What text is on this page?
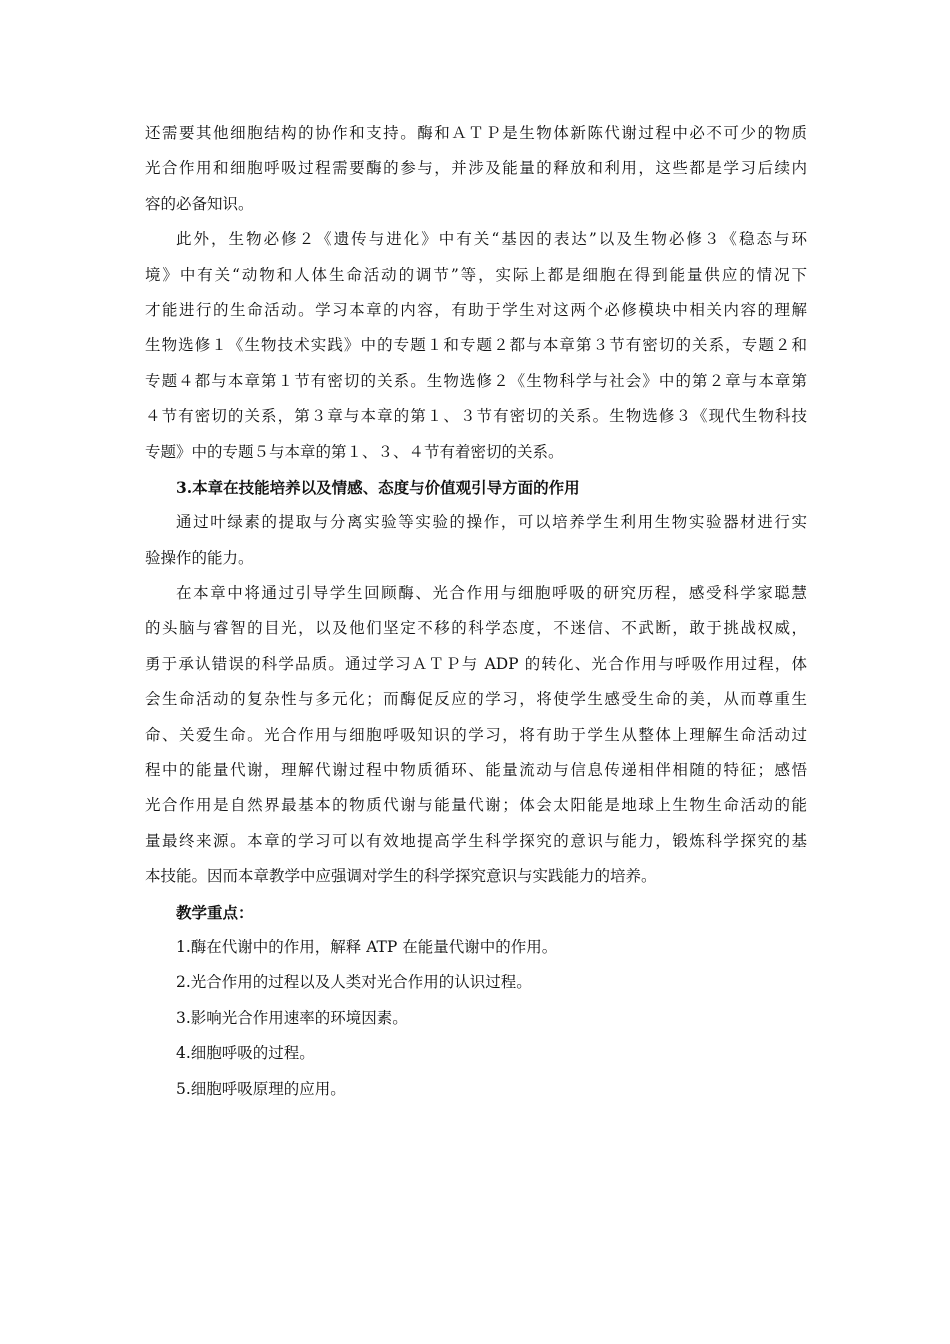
还需要其他细胞结构的协作和支持。酶和ＡＴＰ是生物体新陈代谢过程中必不可少的物质
光合作用和细胞呼吸过程需要酶的参与，并涉及能量的释放和利用，这些都是学习后续内
容的必备知识。
此外，生物必修２《遗传与进化》中有关“基因的表达”以及生物必修３《稳态与环
境》中有关“动物和人体生命活动的调节”等，实际上都是细胞在得到能量供应的情况下
才能进行的生命活动。学习本章的内容，有助于学生对这两个必修模块中相关内容的理解
生物选修１《生物技术实践》中的专题１和专题２都与本章第３节有密切的关系，专题２和
专题４都与本章第１节有密切的关系。生物选修２《生物科学与社会》中的第２章与本章第
４节有密切的关系，第３章与本章的第１、３节有密切的关系。生物选修３《现代生物科技
专题》中的专题５与本章的第１、３、４节有着密切的关系。
3.本章在技能培养以及情感、态度与价值观引导方面的作用
通过叶绿素的提取与分离实验等实验的操作，可以培养学生利用生物实验器材进行实
验操作的能力。
在本章中将通过引导学生回顾酶、光合作用与细胞呼吸的研究历程，感受科学家聪慧
的头脑与睿智的目光，以及他们坚定不移的科学态度，不迷信、不武断，敢于挑战权威，
勇于承认错误的科学品质。通过学习ＡＴＰ与 ADP 的转化、光合作用与呼吸作用过程，体
会生命活动的复杂性与多元化；而酶促反应的学习，将使学生感受生命的美，从而尊重生
命、关爱生命。光合作用与细胞呼吸知识的学习，将有助于学生从整体上理解生命活动过
程中的能量代谢，理解代谢过程中物质循环、能量流动与信息传递相伴相随的特征；感悟
光合作用是自然界最基本的物质代谢与能量代谢；体会太阳能是地球上生物生命活动的能
量最终来源。本章的学习可以有效地提高学生科学探究的意识与能力，锻炼科学探究的基
本技能。因而本章教学中应强调对学生的科学探究意识与实践能力的培养。
教学重点：
1.酶在代谢中的作用，解释 ATP 在能量代谢中的作用。
2.光合作用的过程以及人类对光合作用的认识过程。
3.影响光合作用速率的环境因素。
4.细胞呼吸的过程。
5.细胞呼吸原理的应用。
